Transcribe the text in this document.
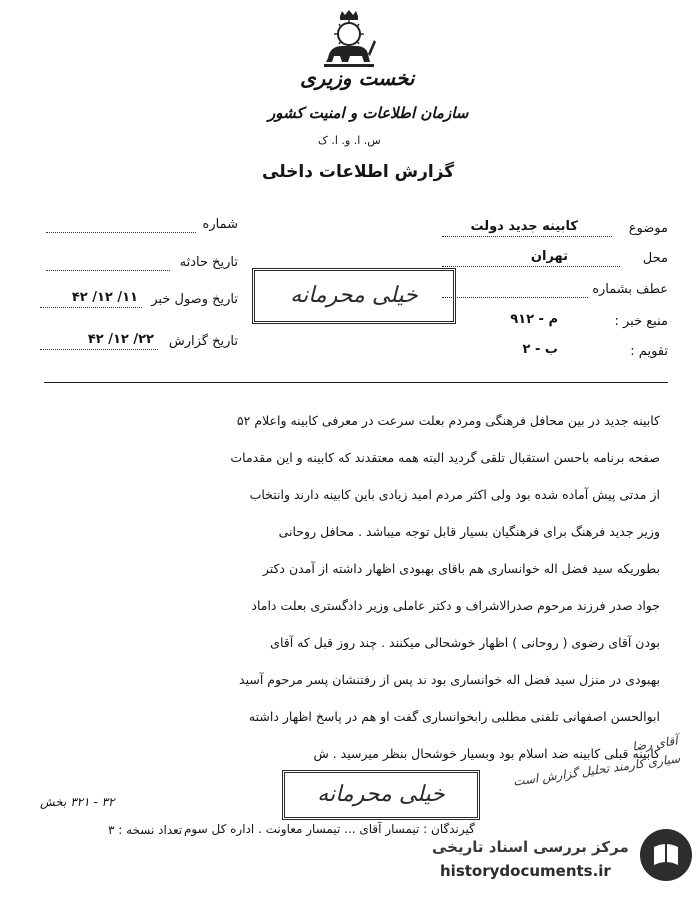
نخست وزیری
سازمان اطلاعات و امنیت کشور
س. ا. و. ا. ک
گزارش اطلاعات داخلی
موضوع
کابینه جدید دولت
محل
تهران
عطف بشماره
منبع خبر :
م - ۹۱۲
تقویم :
ب - ۲
شماره
تاریخ حادثه
تاریخ وصول خبر
۱۱/ ۱۲/ ۴۲
تاریخ گزارش
۲۲/ ۱۲/ ۴۲
خیلی محرمانه
کابینه جدید در بین محافل فرهنگی ومردم بعلت سرعت در معرفی کابینه واعلام ۵۲
صفحه برنامه باحسن استقبال تلقی گردید البته همه معتقدند که کابینه و این مقدمات
از مدتی پیش آماده شده بود ولی اکثر مردم امید زیادی باین کابینه دارند وانتخاب
وزیر جدید فرهنگ برای فرهنگیان بسیار قابل توجه میباشد . محافل روحانی
بطوریکه سید فضل اله خوانساری هم باقای بهبودی اظهار داشته از آمدن دکتر
جواد صدر فرزند مرحوم صدرالاشراف و دکتر عاملی وزیر دادگستری بعلت داماد
بودن آقای رضوی ( روحانی ) اظهار خوشحالی میکنند . چند روز قبل که آقای
بهبودی در منزل سید فضل اله خوانساری بود ند پس از رفتنشان پسر مرحوم آسید
ابوالحسن اصفهانی تلفنی مطلبی رابخوانساری گفت او هم در پاسخ اظهار داشته
کابینه قبلی کابینه ضد اسلام بود وبسیار خوشحال بنظر میرسید . ش
آقای رضا
سیاری کارمند تحلیل گزارش است
خیلی محرمانه
۳۲ - ۳۲۱ بخش
گیرندگان : تیمسار آقای ... تیمسار معاونت . اداره کل سوم
تعداد نسخه : ۳
مرکز بررسی اسناد تاریخی
historydocuments.ir
